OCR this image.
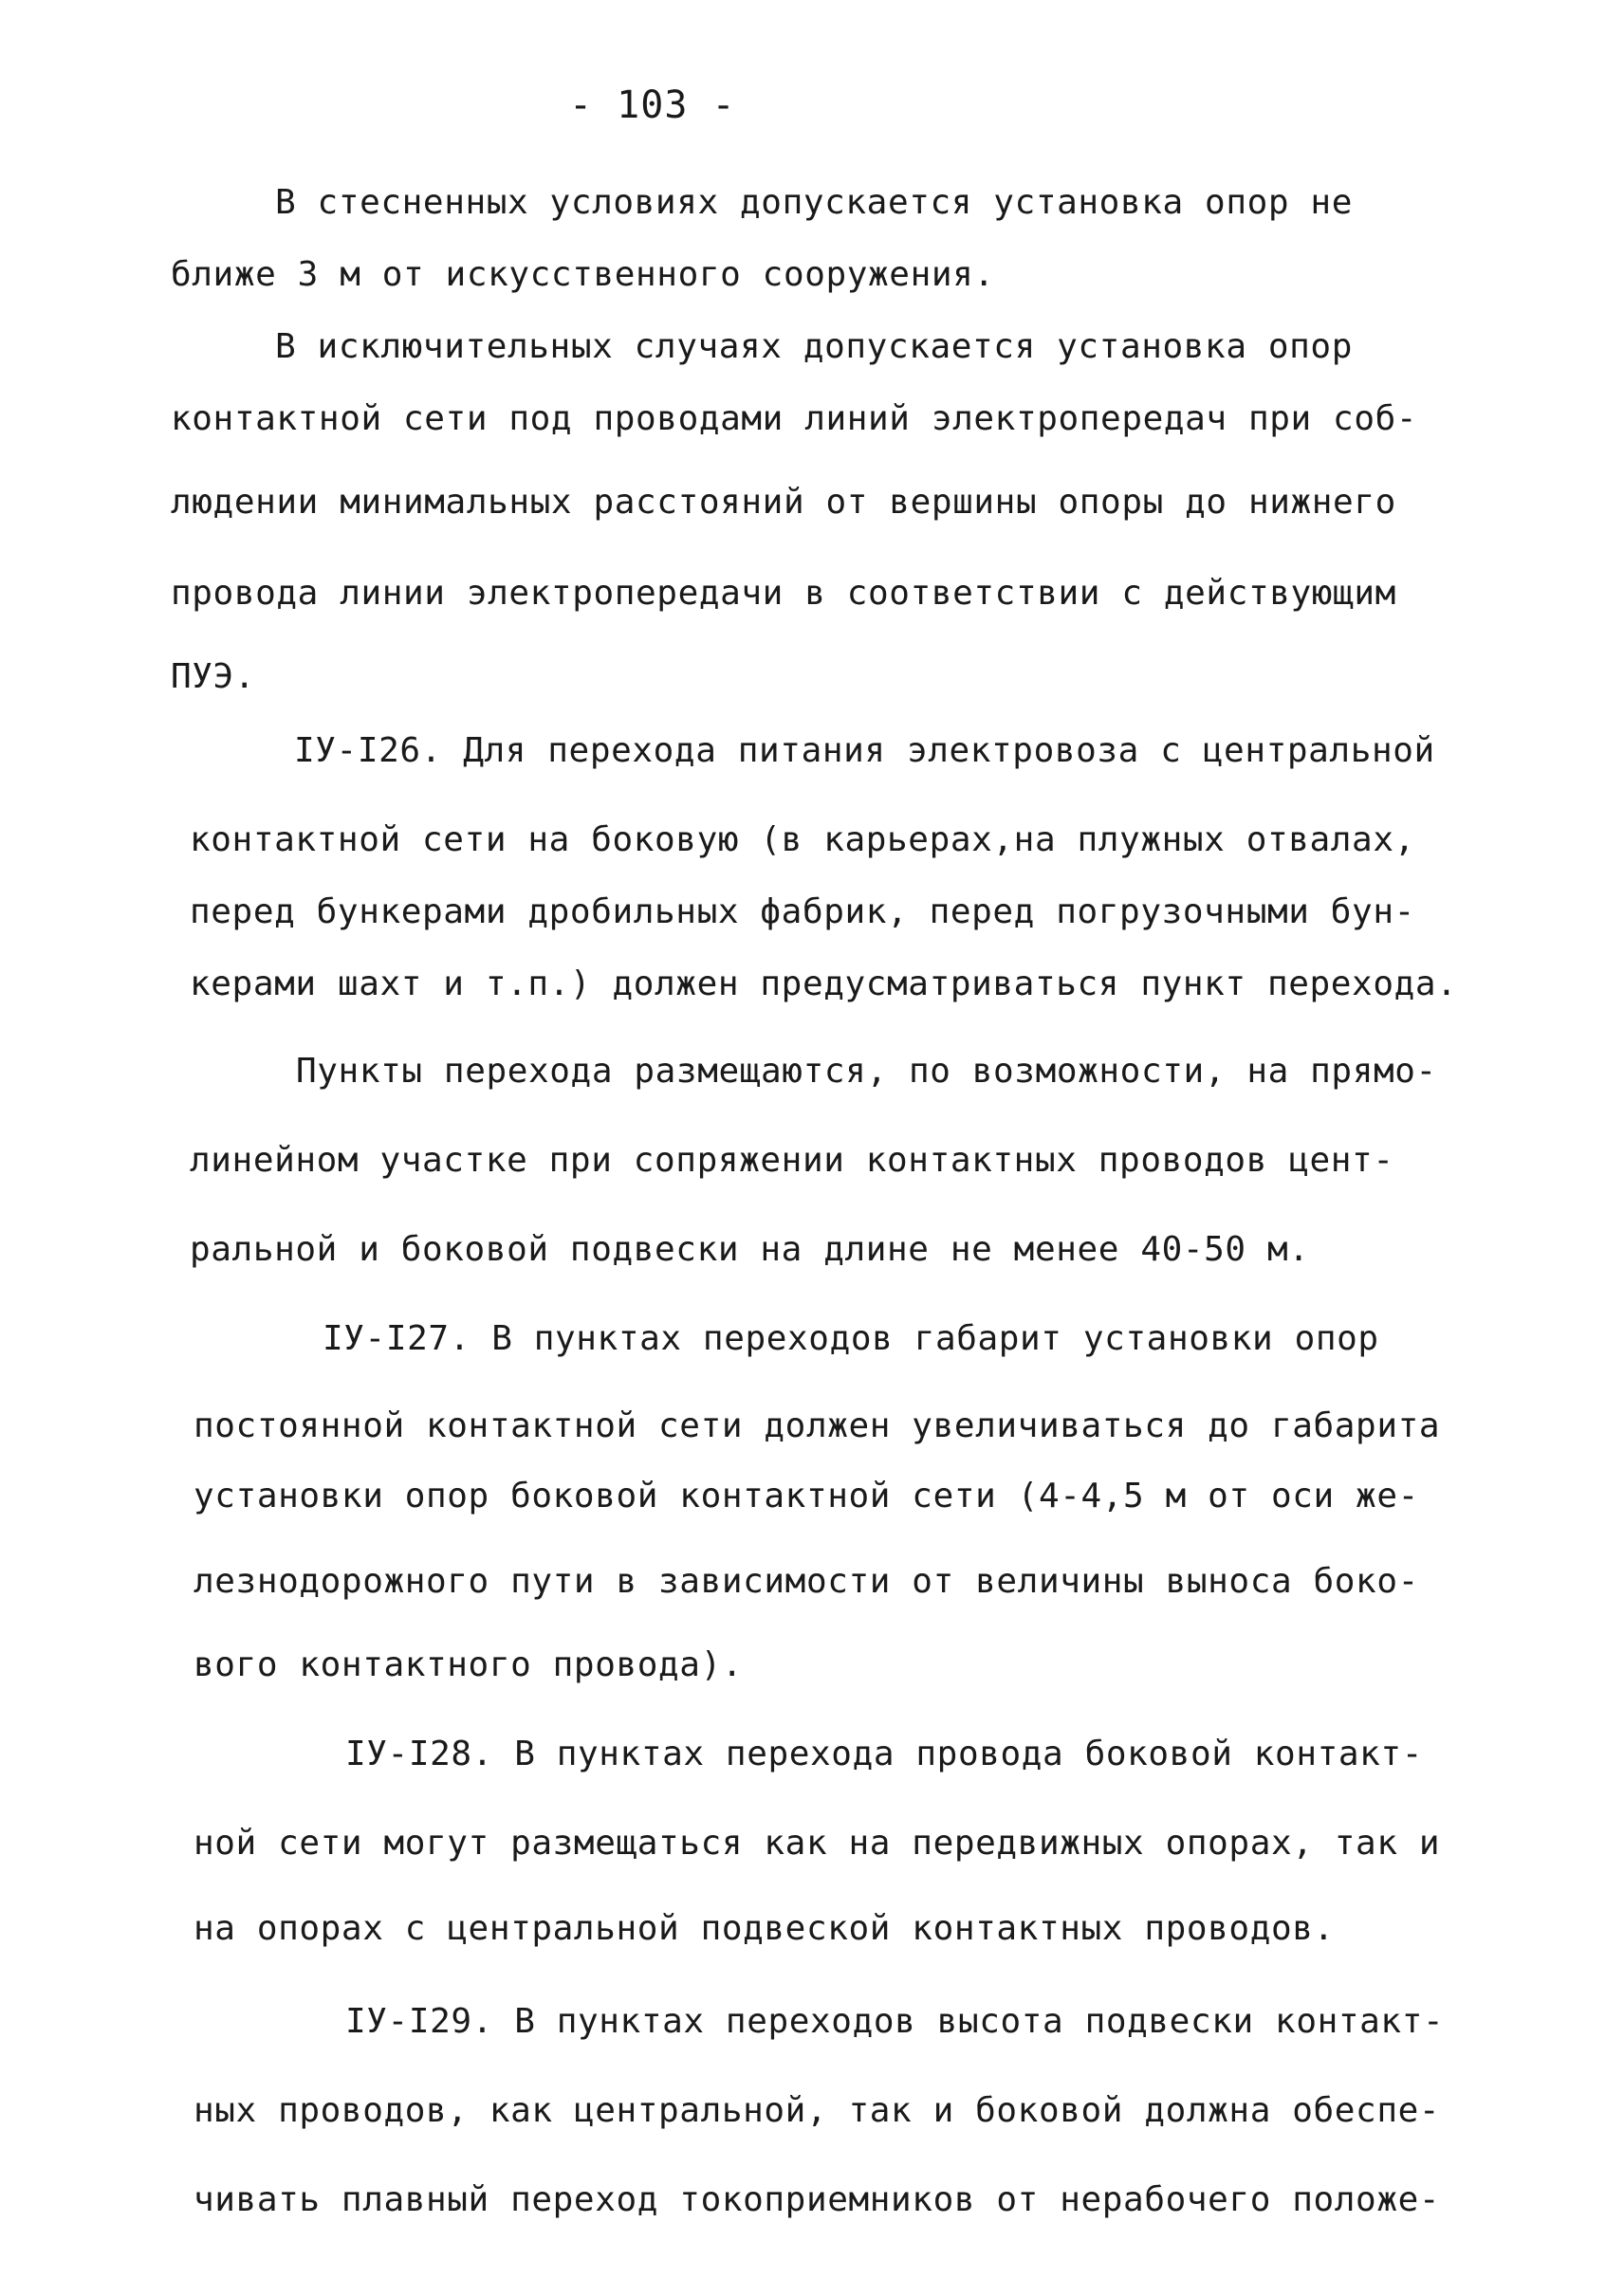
- 103 -
В стесненных условиях допускается установка опор не
ближе 3 м от искусственного сооружения.
В исключительных случаях допускается установка опор
контактной сети под проводами линий электропередач при соб-
людении минимальных расстояний от вершины опоры до нижнего
провода линии электропередачи в соответствии с действующим
ПУЭ.
IУ-I26. Для перехода питания электровоза с центральной
контактной сети на боковую (в карьерах,на плужных отвалах,
перед бункерами дробильных фабрик, перед погрузочными бун-
керами шахт и т.п.) должен предусматриваться пункт перехода.
Пункты перехода размещаются, по возможности, на прямо-
линейном участке при сопряжении контактных проводов цент-
ральной и боковой подвески на длине не менее 40-50 м.
IУ-I27. В пунктах переходов габарит установки опор
постоянной контактной сети должен увеличиваться до габарита
установки опор боковой контактной сети (4-4,5 м от оси же-
лезнодорожного пути в зависимости от величины выноса боко-
вого контактного провода).
IУ-I28. В пунктах перехода провода боковой контакт-
ной сети могут размещаться как на передвижных опорах, так и
на опорах с центральной подвеской контактных проводов.
IУ-I29. В пунктах переходов высота подвески контакт-
ных проводов, как центральной, так и боковой должна обеспе-
чивать плавный переход токоприемников от нерабочего положе-
